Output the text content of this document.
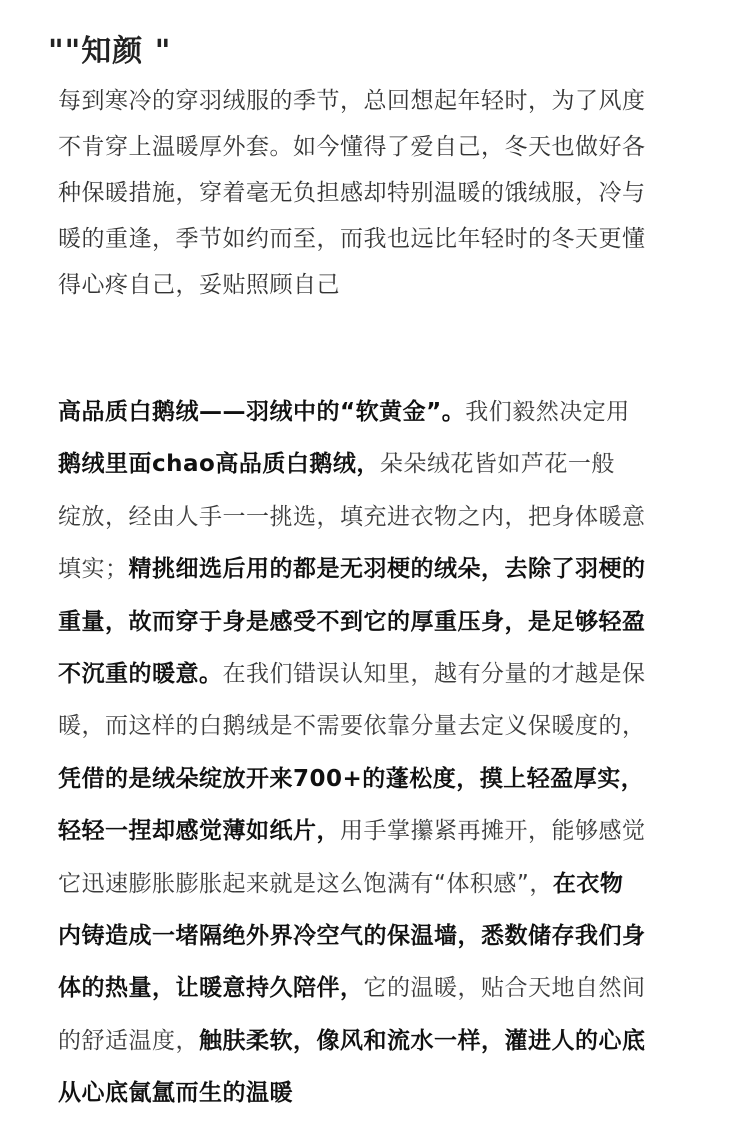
""知颜 "
每到寒冷的穿羽绒服的季节，总回想起年轻时，为了风度
不肯穿上温暖厚外套。如今懂得了爱自己，冬天也做好各
种保暖措施，穿着毫无负担感却特别温暖的饿绒服，冷与
暖的重逢，季节如约而至，而我也远比年轻时的冬天更懂
得心疼自己，妥贴照顾自己
高品质白鹅绒——羽绒中的“软黄金”。我们毅然决定用
鹅绒里面chao高品质白鹅绒，朵朵绒花皆如芦花一般
绽放，经由人手一一挑选，填充进衣物之内，把身体暖意
填实；精挑细选后用的都是无羽梗的绒朵，去除了羽梗的
重量，故而穿于身是感受不到它的厚重压身，是足够轻盈
不沉重的暖意。在我们错误认知里，越有分量的才越是保
暖，而这样的白鹅绒是不需要依靠分量去定义保暖度的，
凭借的是绒朵绽放开来700+的蓬松度，摸上轻盈厚实，
轻轻一捏却感觉薄如纸片，用手掌攥紧再摊开，能够感觉
它迅速膨胀膨胀起来就是这么饱满有“体积感”，在衣物
内铸造成一堵隔绝外界冷空气的保温墙，悉数储存我们身
体的热量，让暖意持久陪伴，它的温暖，贴合天地自然间
的舒适温度，触肤柔软，像风和流水一样，灌进人的心底
从心底氤氲而生的温暖
